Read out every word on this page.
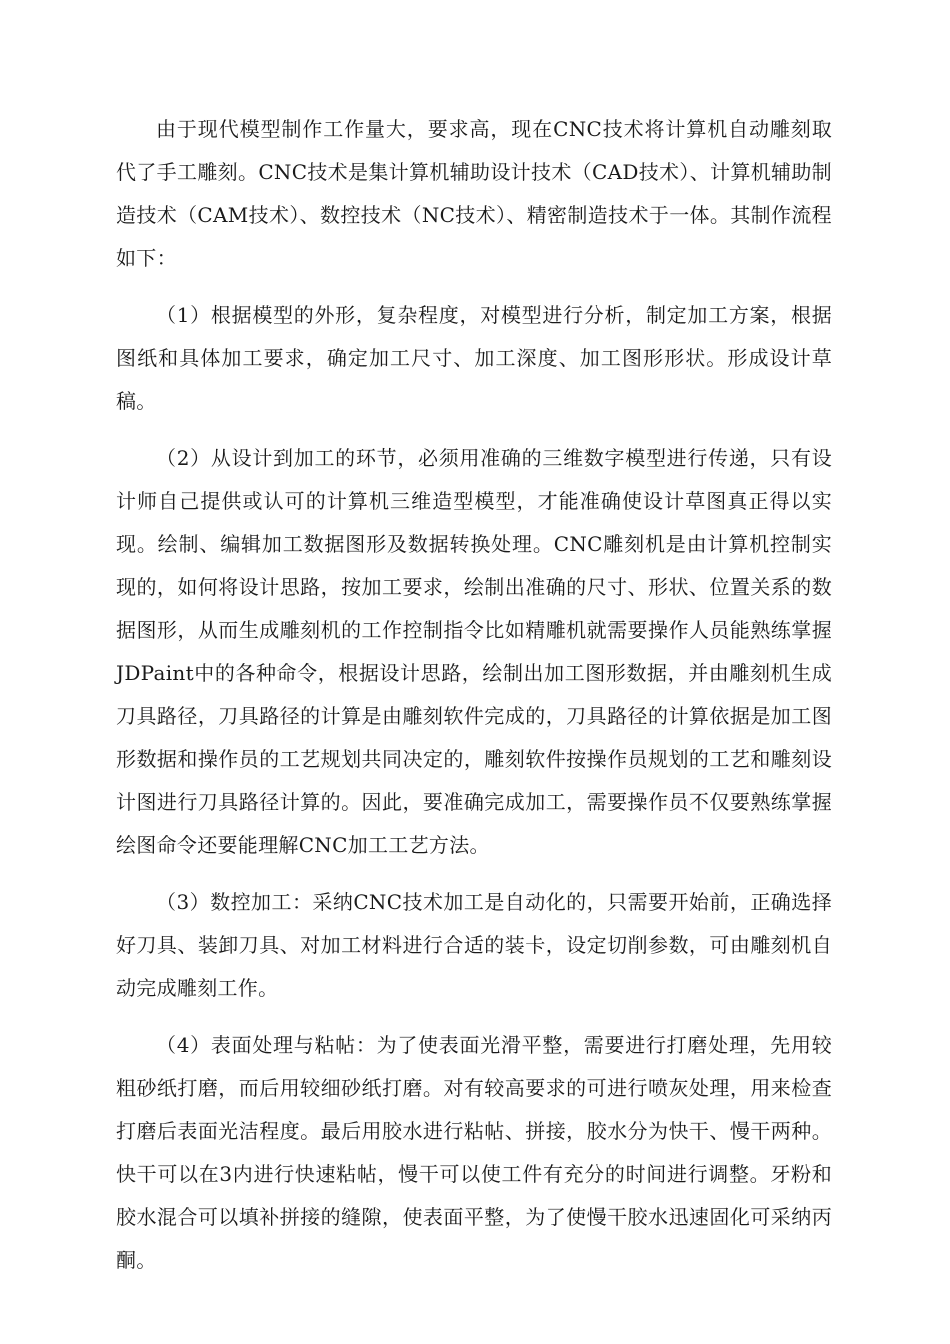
由于现代模型制作工作量大，要求高，现在CNC技术将计算机自动雕刻取代了手工雕刻。CNC技术是集计算机辅助设计技术（CAD技术）、计算机辅助制造技术（CAM技术）、数控技术（NC技术）、精密制造技术于一体。其制作流程如下：

（1）根据模型的外形，复杂程度，对模型进行分析，制定加工方案，根据图纸和具体加工要求，确定加工尺寸、加工深度、加工图形形状。形成设计草稿。

（2）从设计到加工的环节，必须用准确的三维数字模型进行传递，只有设计师自己提供或认可的计算机三维造型模型，才能准确使设计草图真正得以实现。绘制、编辑加工数据图形及数据转换处理。CNC雕刻机是由计算机控制实现的，如何将设计思路，按加工要求，绘制出准确的尺寸、形状、位置关系的数据图形，从而生成雕刻机的工作控制指令比如精雕机就需要操作人员能熟练掌握JDPaint中的各种命令，根据设计思路，绘制出加工图形数据，并由雕刻机生成刀具路径，刀具路径的计算是由雕刻软件完成的，刀具路径的计算依据是加工图形数据和操作员的工艺规划共同决定的，雕刻软件按操作员规划的工艺和雕刻设计图进行刀具路径计算的。因此，要准确完成加工，需要操作员不仅要熟练掌握绘图命令还要能理解CNC加工工艺方法。

（3）数控加工：采纳CNC技术加工是自动化的，只需要开始前，正确选择好刀具、装卸刀具、对加工材料进行合适的装卡，设定切削参数，可由雕刻机自动完成雕刻工作。

（4）表面处理与粘帖：为了使表面光滑平整，需要进行打磨处理，先用较粗砂纸打磨，而后用较细砂纸打磨。对有较高要求的可进行喷灰处理，用来检查打磨后表面光洁程度。最后用胶水进行粘帖、拼接，胶水分为快干、慢干两种。快干可以在3内进行快速粘帖，慢干可以使工件有充分的时间进行调整。牙粉和胶水混合可以填补拼接的缝隙，使表面平整，为了使慢干胶水迅速固化可采纳丙酮。
